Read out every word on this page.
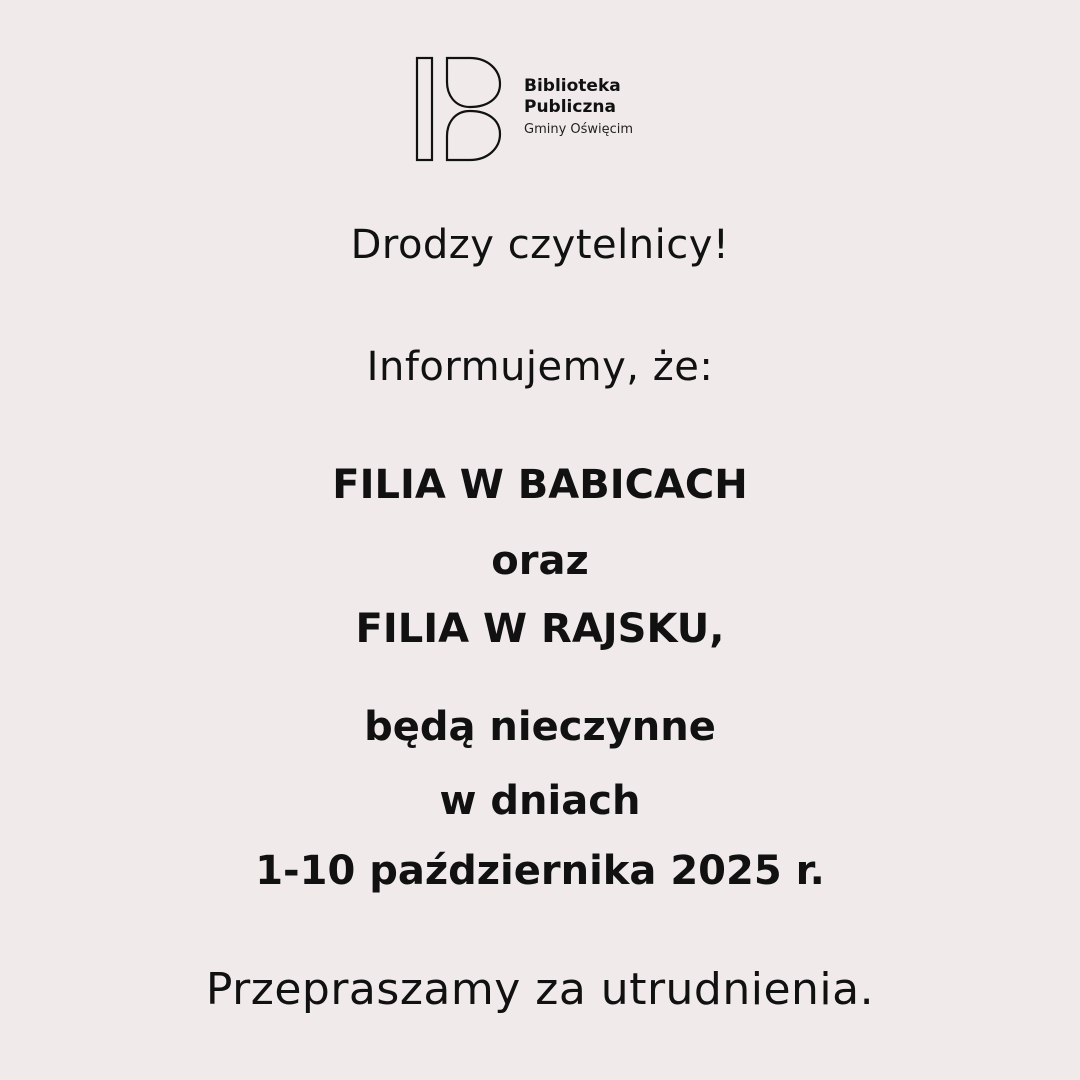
Biblioteka
Publiczna
Gminy Oświęcim
Drodzy czytelnicy!
Informujemy, że:
FILIA W BABICACH
oraz
FILIA W RAJSKU,
będą nieczynne
w dniach
1-10 października 2025 r.
Przepraszamy za utrudnienia.
